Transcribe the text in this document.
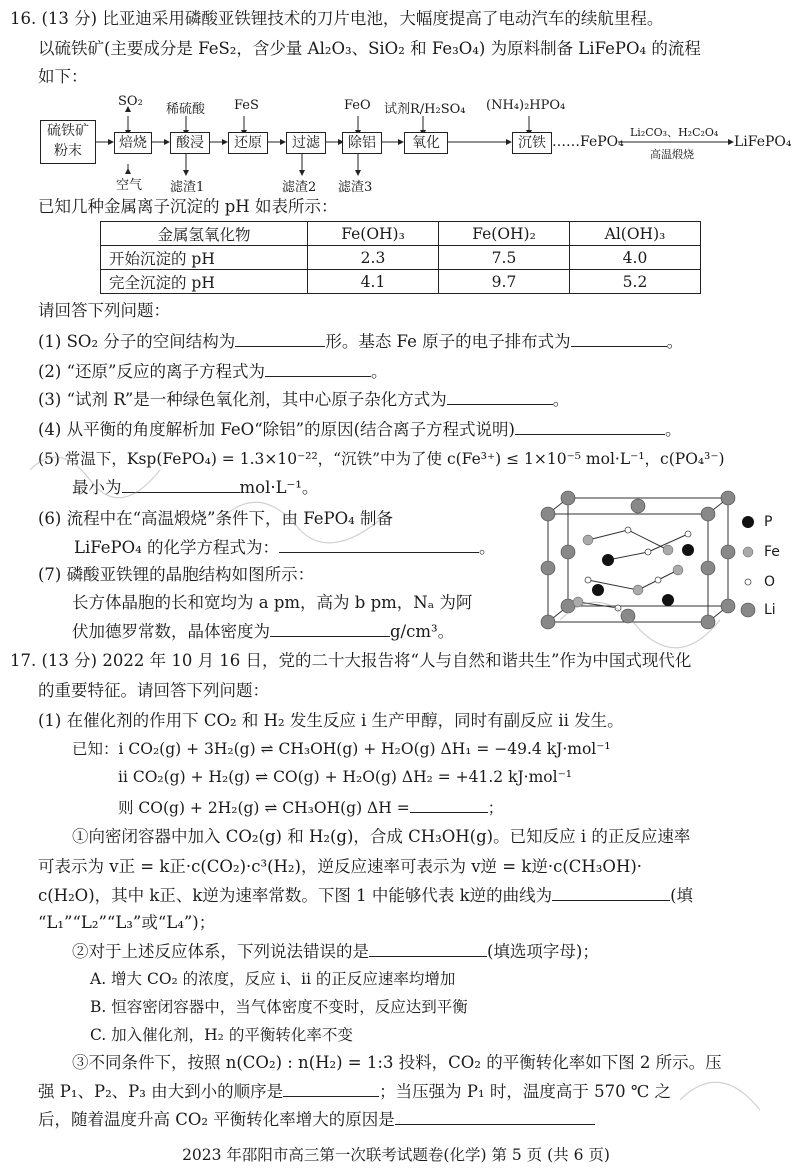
16. (13 分) 比亚迪采用磷酸亚铁锂技术的刀片电池，大幅度提高了电动汽车的续航里程。
以硫铁矿(主要成分是 FeS₂，含少量 Al₂O₃、SiO₂ 和 Fe₃O₄) 为原料制备 LiFePO₄ 的流程
如下：
硫铁矿
粉末	焙烧	酸浸	还原	过滤	除铝	氧化	沉铁
SO₂
稀硫酸 FeS	FeO 试剂R/H₂SO₄ (NH₄)₂HPO₄
空气 滤渣1	滤渣2 滤渣3
……FePO₄
Li₂CO₃、H₂C₂O₄
高温煅烧
LiFePO₄
已知几种金属离子沉淀的 pH 如表所示：
金属氢氧化物	Fe(OH)₃	Fe(OH)₂	Al(OH)₃
开始沉淀的 pH	2.3	7.5	4.0
完全沉淀的 pH	4.1	9.7	5.2
请回答下列问题：
(1) SO₂ 分子的空间结构为	形。基态 Fe 原子的电子排布式为	。
(2) “还原”反应的离子方程式为	。
(3) “试剂 R”是一种绿色氧化剂，其中心原子杂化方式为	。
(4) 从平衡的角度解析加 FeO“除铝”的原因(结合离子方程式说明)	。
(5) 常温下，Ksp(FePO₄) = 1.3×10⁻²²，“沉铁”中为了使 c(Fe³⁺) ≤ 1×10⁻⁵ mol·L⁻¹，c(PO₄³⁻)
最小为	mol·L⁻¹。
(6) 流程中在“高温煅烧”条件下，由 FePO₄ 制备
LiFePO₄ 的化学方程式为：	。
(7) 磷酸亚铁锂的晶胞结构如图所示：
长方体晶胞的长和宽均为 a pm，高为 b pm，Nₐ 为阿
伏加德罗常数，晶体密度为	g/cm³。
P
Fe
O
Li
17. (13 分) 2022 年 10 月 16 日，党的二十大报告将“人与自然和谐共生”作为中国式现代化
的重要特征。请回答下列问题：
(1) 在催化剂的作用下 CO₂ 和 H₂ 发生反应 ⅰ 生产甲醇，同时有副反应 ⅱ 发生。
已知：ⅰ CO₂(g) + 3H₂(g) ⇌ CH₃OH(g) + H₂O(g) ΔH₁ = −49.4 kJ·mol⁻¹
ⅱ CO₂(g) + H₂(g) ⇌ CO(g) + H₂O(g) ΔH₂ = +41.2 kJ·mol⁻¹
则 CO(g) + 2H₂(g) ⇌ CH₃OH(g) ΔH =	；
①向密闭容器中加入 CO₂(g) 和 H₂(g)，合成 CH₃OH(g)。已知反应 ⅰ 的正反应速率
可表示为 v正 = k正·c(CO₂)·c³(H₂)，逆反应速率可表示为 v逆 = k逆·c(CH₃OH)·
c(H₂O)，其中 k正、k逆为速率常数。下图 1 中能够代表 k逆的曲线为	(填
“L₁”“L₂”“L₃”或“L₄”)；
②对于上述反应体系，下列说法错误的是	(填选项字母)；
A. 增大 CO₂ 的浓度，反应 ⅰ、ⅱ 的正反应速率均增加
B. 恒容密闭容器中，当气体密度不变时，反应达到平衡
C. 加入催化剂，H₂ 的平衡转化率不变
③不同条件下，按照 n(CO₂) : n(H₂) = 1:3 投料，CO₂ 的平衡转化率如下图 2 所示。压
强 P₁、P₂、P₃ 由大到小的顺序是	；当压强为 P₁ 时，温度高于 570 ℃ 之
后，随着温度升高 CO₂ 平衡转化率增大的原因是
2023 年邵阳市高三第一次联考试题卷(化学) 第 5 页 (共 6 页)
